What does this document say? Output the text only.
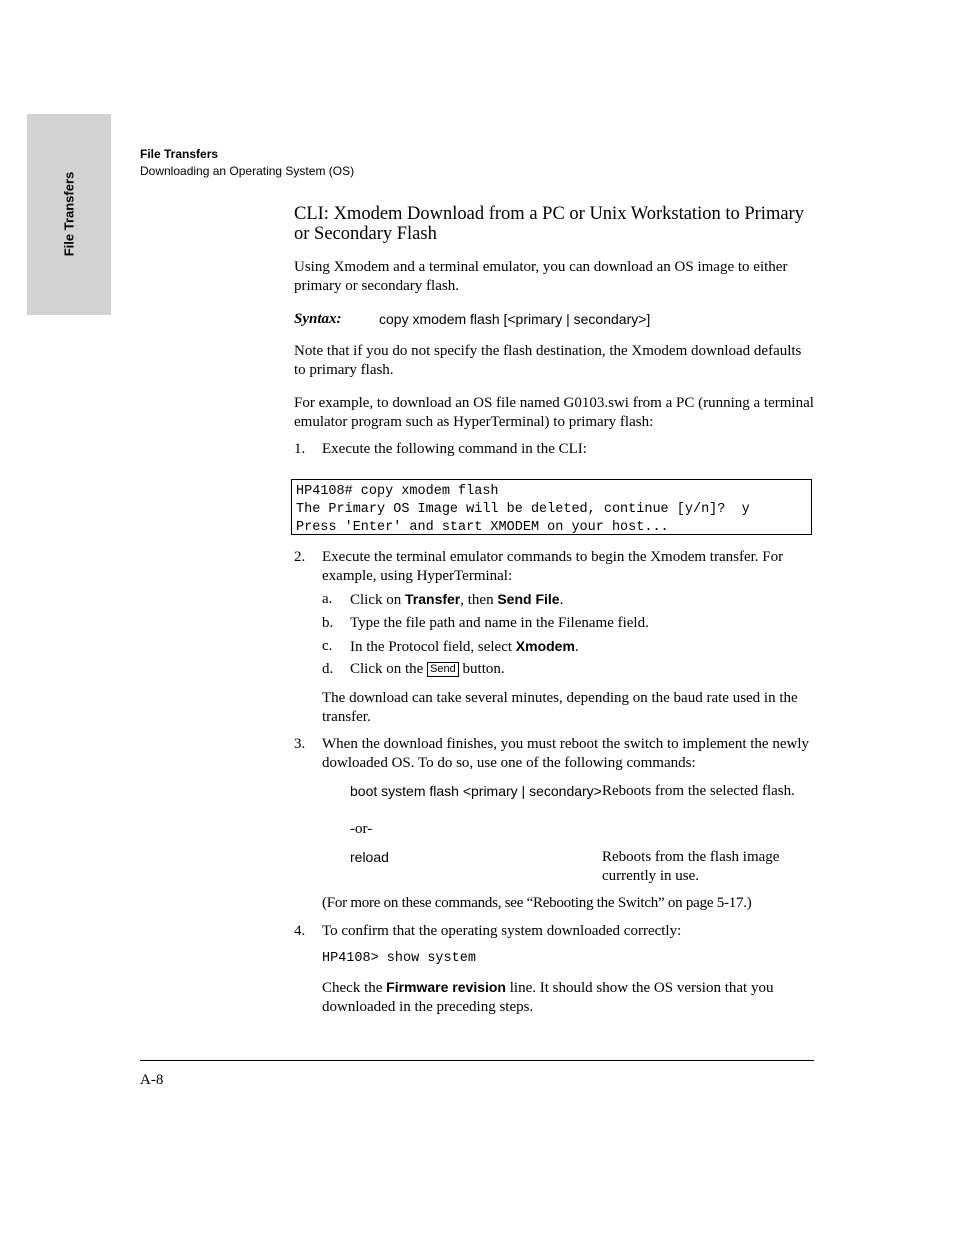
File Transfers
File Transfers
Downloading an Operating System (OS)
CLI: Xmodem Download from a PC or Unix Workstation to Primary or Secondary Flash
Using Xmodem and a terminal emulator, you can download an OS image to either primary or secondary flash.
Syntax:	copy xmodem flash [<primary | secondary>]
Note that if you do not specify the flash destination, the Xmodem download defaults to primary flash.
For example, to download an OS file named G0103.swi from a PC (running a terminal emulator program such as HyperTerminal) to primary flash:
1. Execute the following command in the CLI:
HP4108# copy xmodem flash
The Primary OS Image will be deleted, continue [y/n]?  y
Press 'Enter' and start XMODEM on your host...
2. Execute the terminal emulator commands to begin the Xmodem transfer. For example, using HyperTerminal:
a. Click on Transfer, then Send File.
b. Type the file path and name in the Filename field.
c. In the Protocol field, select Xmodem.
d. Click on the Send button.
The download can take several minutes, depending on the baud rate used in the transfer.
3. When the download finishes, you must reboot the switch to implement the newly dowloaded OS. To do so, use one of the following commands:
boot system flash <primary | secondary> Reboots from the selected flash.
-or-
reload	Reboots from the flash image currently in use.
(For more on these commands, see “Rebooting the Switch” on page 5-17.)
4. To confirm that the operating system downloaded correctly:
HP4108> show system
Check the Firmware revision line. It should show the OS version that you downloaded in the preceding steps.
A-8
